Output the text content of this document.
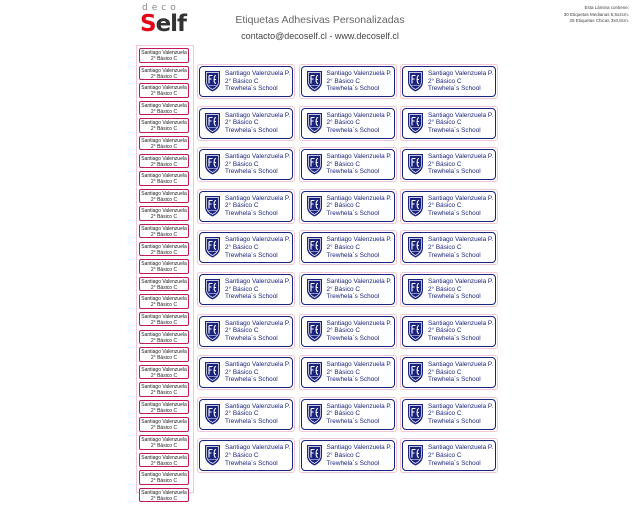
deco
Self	Etiquetas Adhesivas Personalizadas
contacto@decoself.cl - www.decoself.cl
Esta Lámina contiene:
30 Etiquetas Medianas 5,5x2cm.
25 Etiquetas Chicas 3x0,8cm.
Santiago Valenzuela
2° Básico C
Santiago Valenzuela
2° Básico C
Santiago Valenzuela
2° Básico C
Santiago Valenzuela
2° Básico C
Santiago Valenzuela
2° Básico C
Santiago Valenzuela
2° Básico C
Santiago Valenzuela
2° Básico C
Santiago Valenzuela
2° Básico C
Santiago Valenzuela
2° Básico C
Santiago Valenzuela
2° Básico C
Santiago Valenzuela
2° Básico C
Santiago Valenzuela
2° Básico C
Santiago Valenzuela
2° Básico C
Santiago Valenzuela
2° Básico C
Santiago Valenzuela
2° Básico C
Santiago Valenzuela
2° Básico C
Santiago Valenzuela
2° Básico C
Santiago Valenzuela
2° Básico C
Santiago Valenzuela
2° Básico C
Santiago Valenzuela
2° Básico C
Santiago Valenzuela
2° Básico C
Santiago Valenzuela
2° Básico C
Santiago Valenzuela
2° Básico C
Santiago Valenzuela
2° Básico C
Santiago Valenzuela
2° Básico C
Santiago Valenzuela
2° Básico C
Santiago Valenzuela P.
2° Básico C
Trewhela´s School
Santiago Valenzuela P.
2° Básico C
Trewhela´s School
Santiago Valenzuela P.
2° Básico C
Trewhela´s School
Santiago Valenzuela P.
2° Básico C
Trewhela´s School
Santiago Valenzuela P.
2° Básico C
Trewhela´s School
Santiago Valenzuela P.
2° Básico C
Trewhela´s School
Santiago Valenzuela P.
2° Básico C
Trewhela´s School
Santiago Valenzuela P.
2° Básico C
Trewhela´s School
Santiago Valenzuela P.
2° Básico C
Trewhela´s School
Santiago Valenzuela P.
2° Básico C
Trewhela´s School
Santiago Valenzuela P.
2° Básico C
Trewhela´s School
Santiago Valenzuela P.
2° Básico C
Trewhela´s School
Santiago Valenzuela P.
2° Básico C
Trewhela´s School
Santiago Valenzuela P.
2° Básico C
Trewhela´s School
Santiago Valenzuela P.
2° Básico C
Trewhela´s School
Santiago Valenzuela P.
2° Básico C
Trewhela´s School
Santiago Valenzuela P.
2° Básico C
Trewhela´s School
Santiago Valenzuela P.
2° Básico C
Trewhela´s School
Santiago Valenzuela P.
2° Básico C
Trewhela´s School
Santiago Valenzuela P.
2° Básico C
Trewhela´s School
Santiago Valenzuela P.
2° Básico C
Trewhela´s School
Santiago Valenzuela P.
2° Básico C
Trewhela´s School
Santiago Valenzuela P.
2° Básico C
Trewhela´s School
Santiago Valenzuela P.
2° Básico C
Trewhela´s School
Santiago Valenzuela P.
2° Básico C
Trewhela´s School
Santiago Valenzuela P.
2° Básico C
Trewhela´s School
Santiago Valenzuela P.
2° Básico C
Trewhela´s School
Santiago Valenzuela P.
2° Básico C
Trewhela´s School
Santiago Valenzuela P.
2° Básico C
Trewhela´s School
Santiago Valenzuela P.
2° Básico C
Trewhela´s School
